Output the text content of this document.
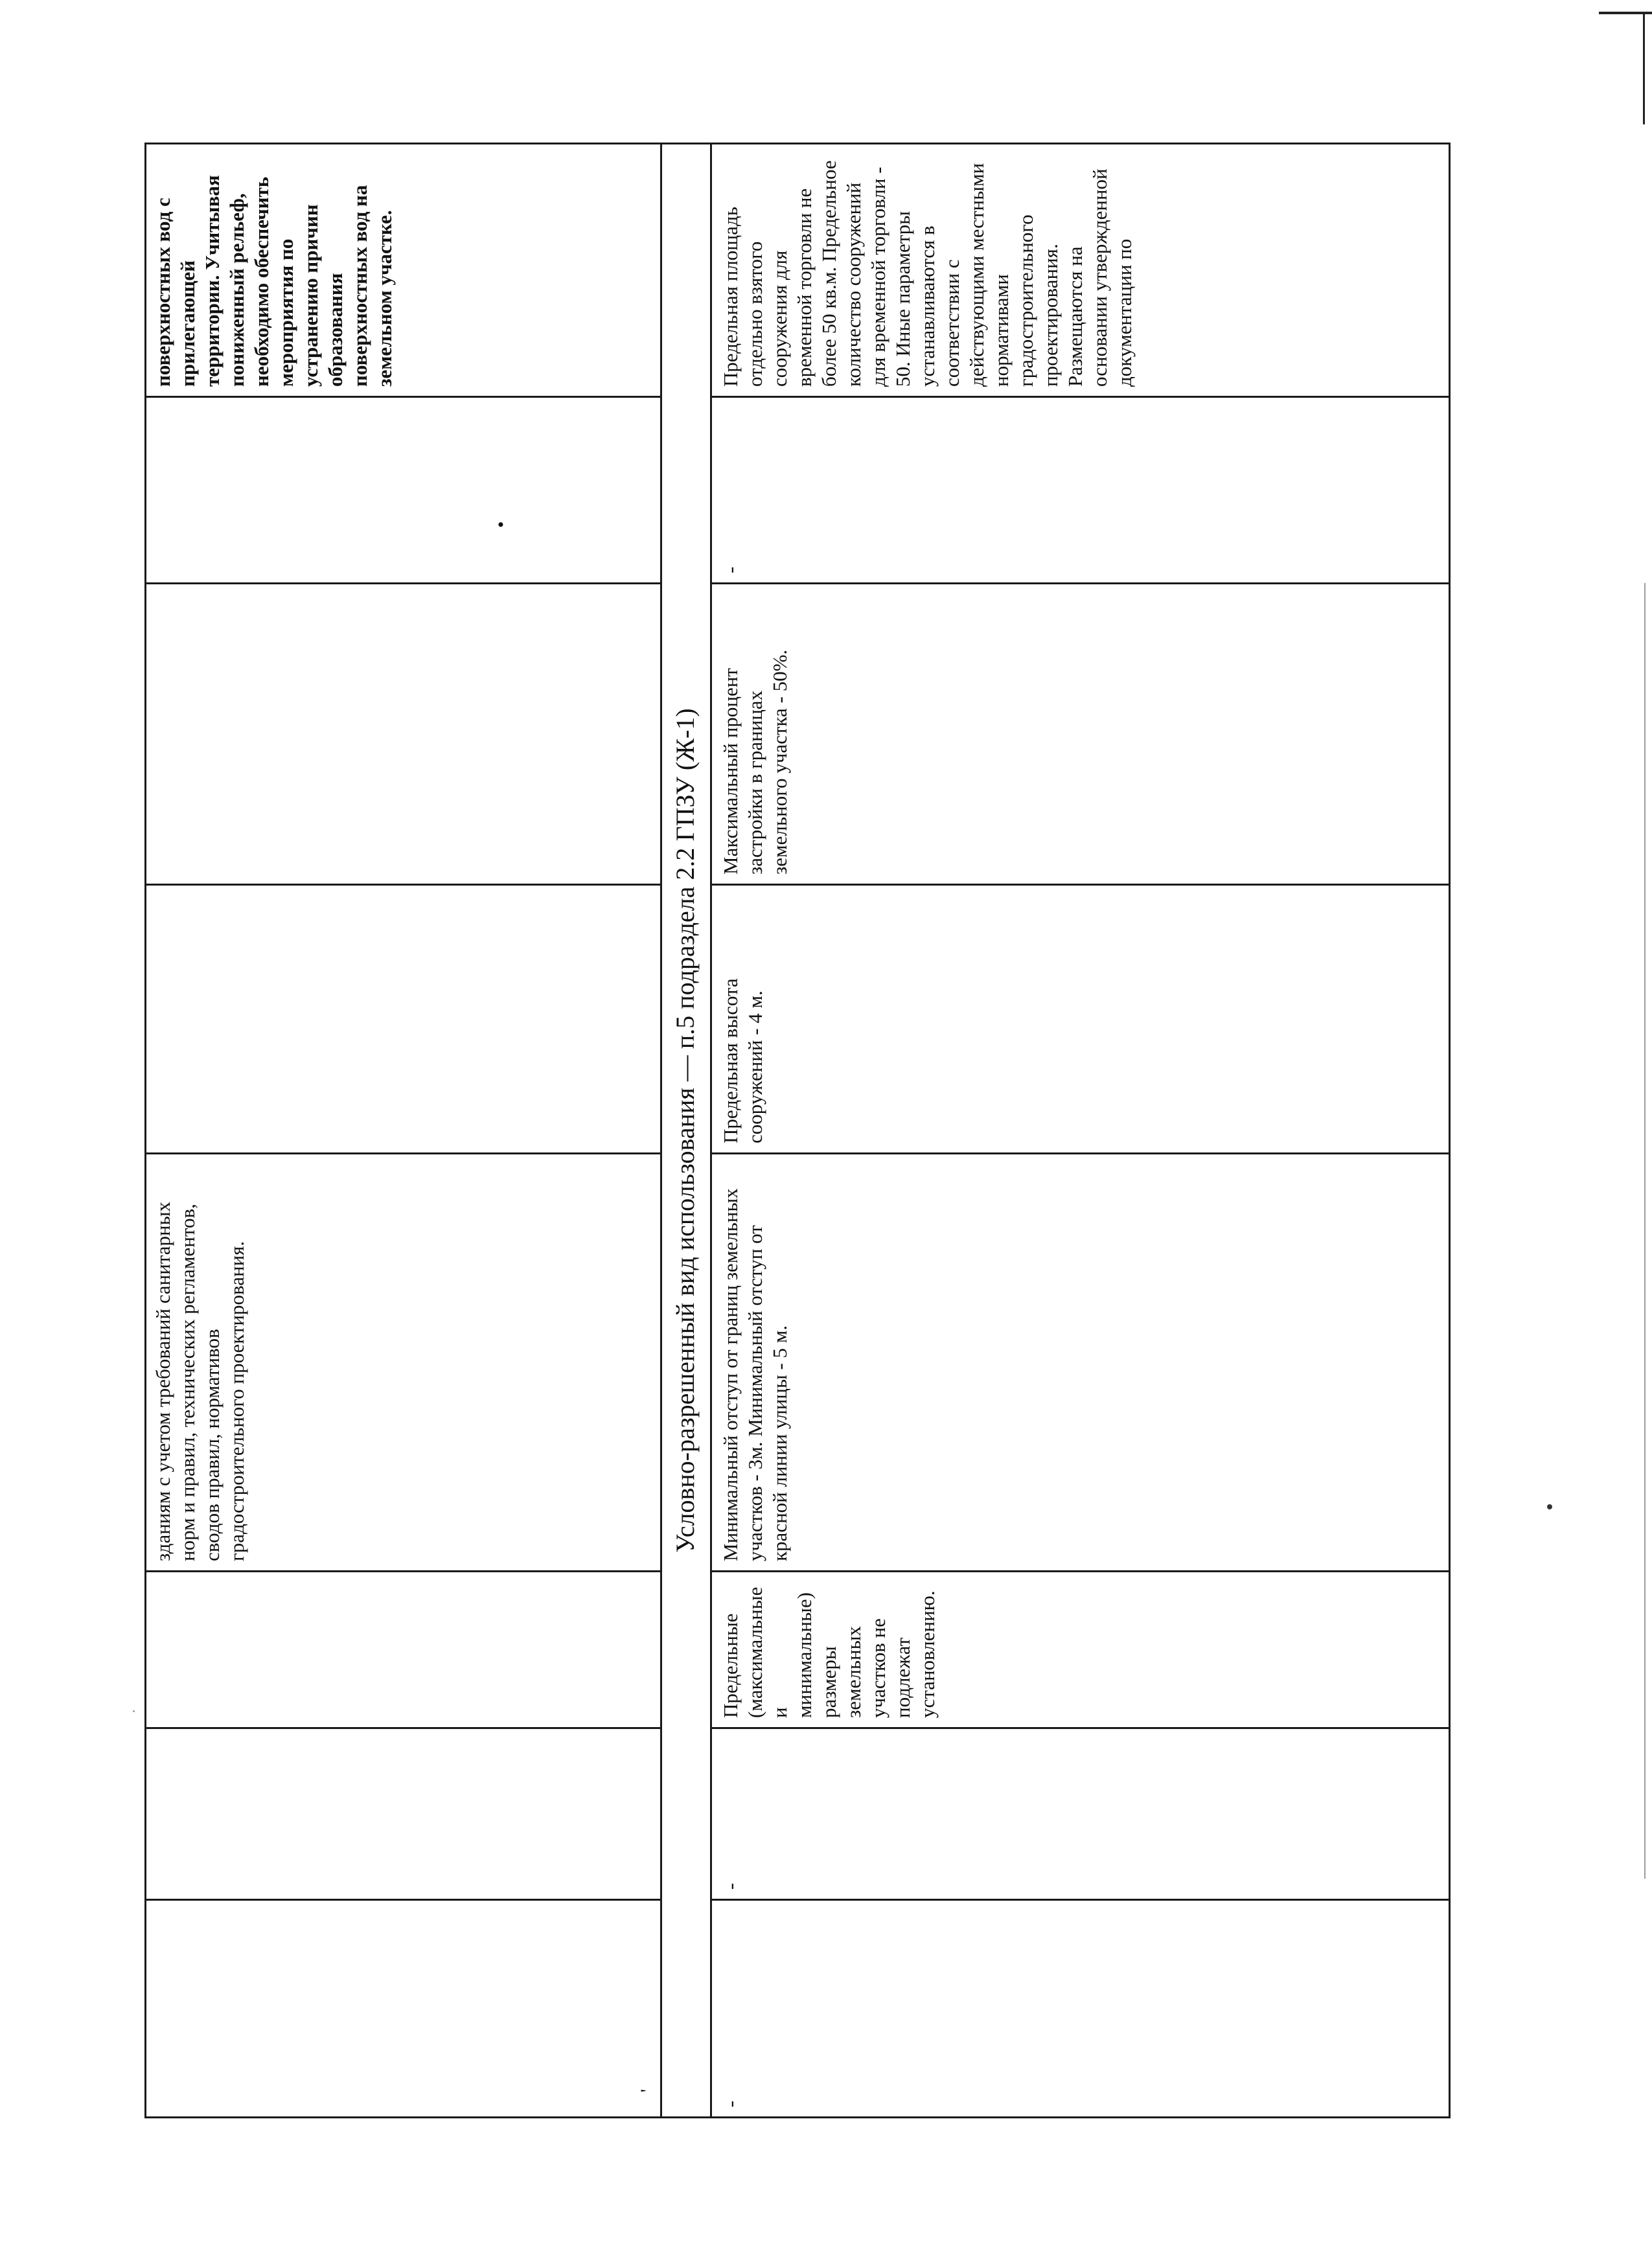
зданиям с учетом требований санитарных норм и правил, технических регламентов, сводов правил, нормативов градостроительного проектирования.
поверхностных вод с прилегающей территории. Учитывая пониженный рельеф, необходимо обеспечить мероприятия по устранению причин образования поверхностных вод на земельном участке.
Условно-разрешенный вид использования — п.5 подраздела 2.2 ГПЗУ (Ж-1)
-
-
Предельные (максимальные и минимальные) размеры земельных участков не подлежат установлению.
Минимальный отступ от границ земельных участков - 3м. Минимальный отступ от красной линии улицы - 5 м.
Предельная высота сооружений - 4 м.
Максимальный процент застройки в границах земельного участка - 50%.
-
Предельная площадь отдельно взятого сооружения для временной торговли не более 50 кв.м. Предельное количество сооружений для временной торговли - 50. Иные параметры устанавливаются в соответствии с действующими местными нормативами градостроительного проектирования. Размещаются на основании утвержденной документации по
•
'
